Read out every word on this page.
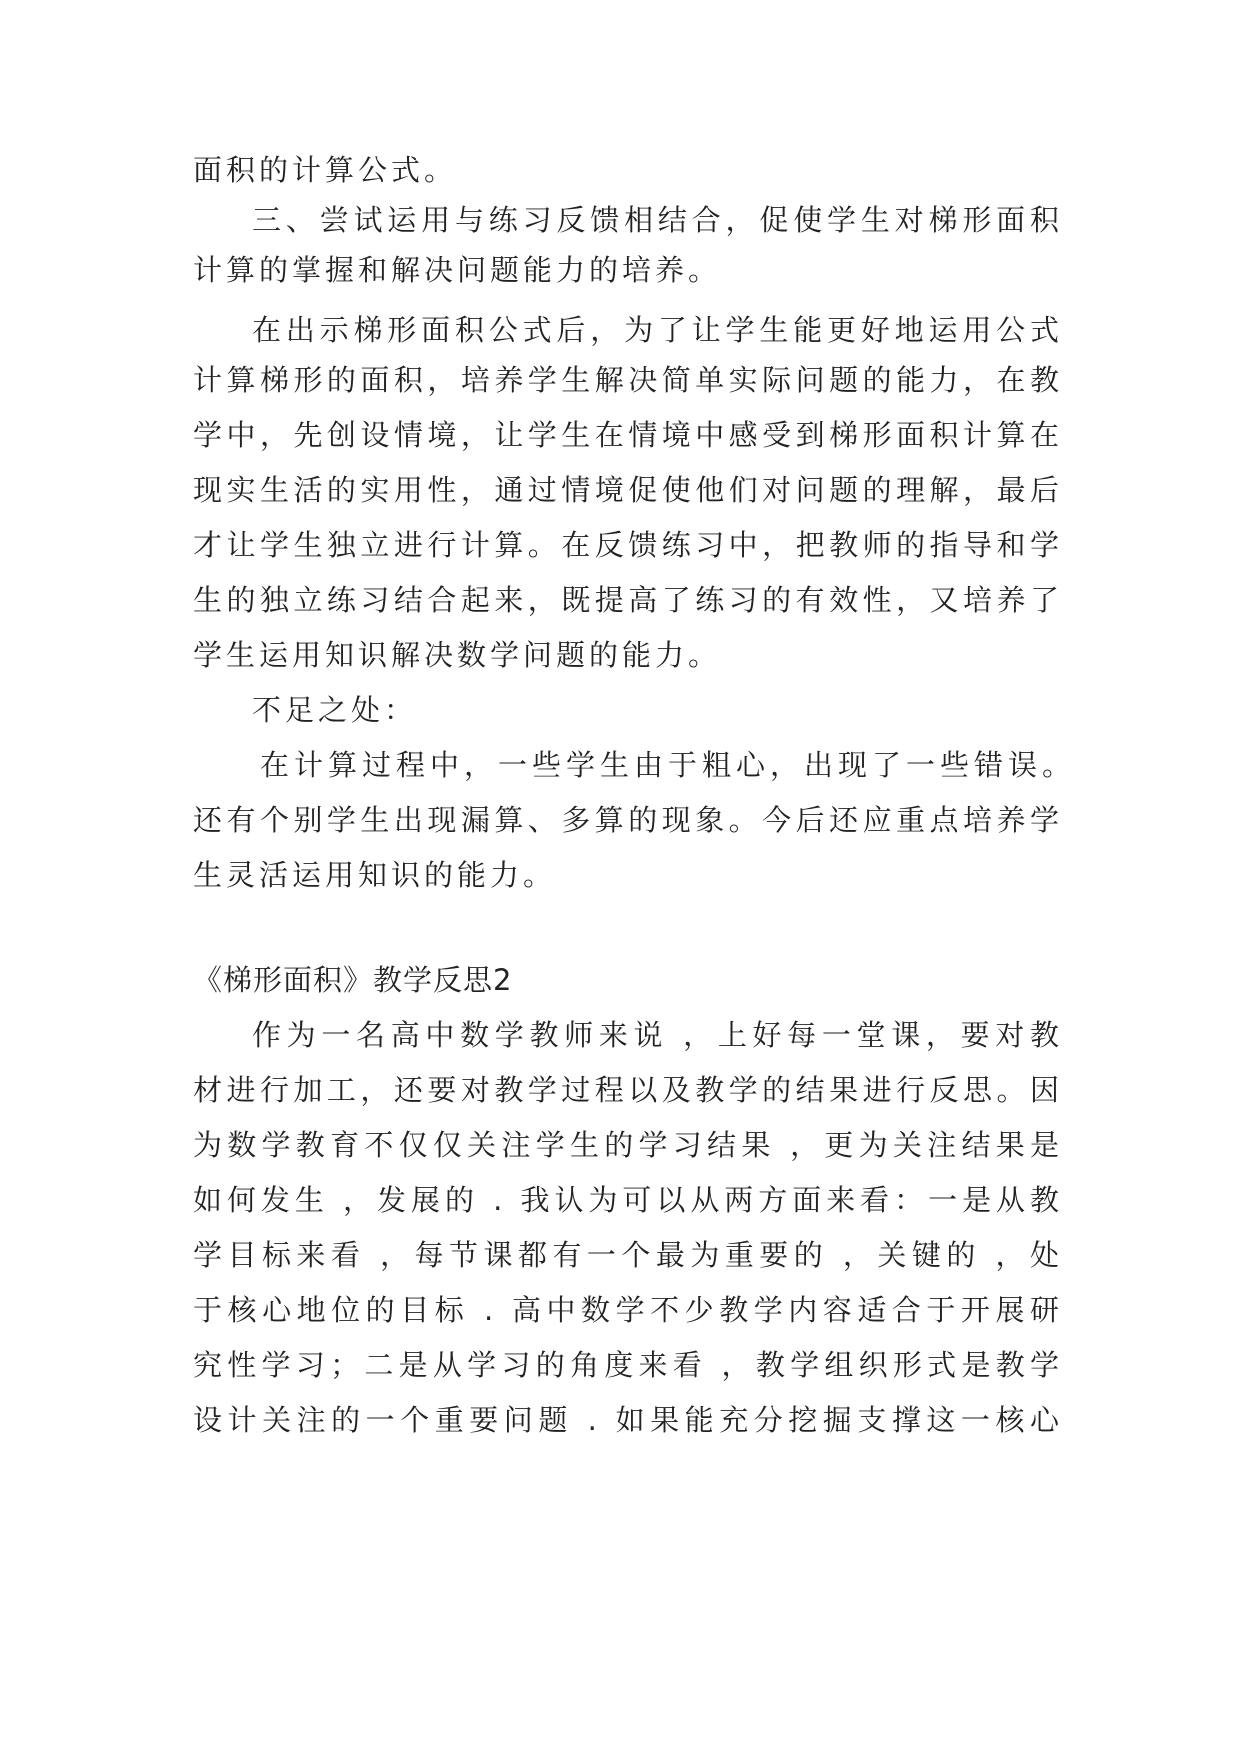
面积的计算公式。
三、尝试运用与练习反馈相结合，促使学生对梯形面积
计算的掌握和解决问题能力的培养。
在出示梯形面积公式后，为了让学生能更好地运用公式
计算梯形的面积，培养学生解决简单实际问题的能力，在教
学中，先创设情境，让学生在情境中感受到梯形面积计算在
现实生活的实用性，通过情境促使他们对问题的理解，最后
才让学生独立进行计算。在反馈练习中，把教师的指导和学
生的独立练习结合起来，既提高了练习的有效性，又培养了
学生运用知识解决数学问题的能力。
不足之处：
在计算过程中，一些学生由于粗心，出现了一些错误。
还有个别学生出现漏算、多算的现象。今后还应重点培养学
生灵活运用知识的能力。
《梯形面积》教学反思2
作为一名高中数学教师来说 ，上好每一堂课，要对教
材进行加工，还要对教学过程以及教学的结果进行反思。因
为数学教育不仅仅关注学生的学习结果 ，更为关注结果是
如何发生 ，发展的 . 我认为可以从两方面来看：一是从教
学目标来看 ，每节课都有一个最为重要的 ，关键的 ，处
于核心地位的目标 . 高中数学不少教学内容适合于开展研
究性学习；二是从学习的角度来看 ，教学组织形式是教学
设计关注的一个重要问题 . 如果能充分挖掘支撑这一核心
